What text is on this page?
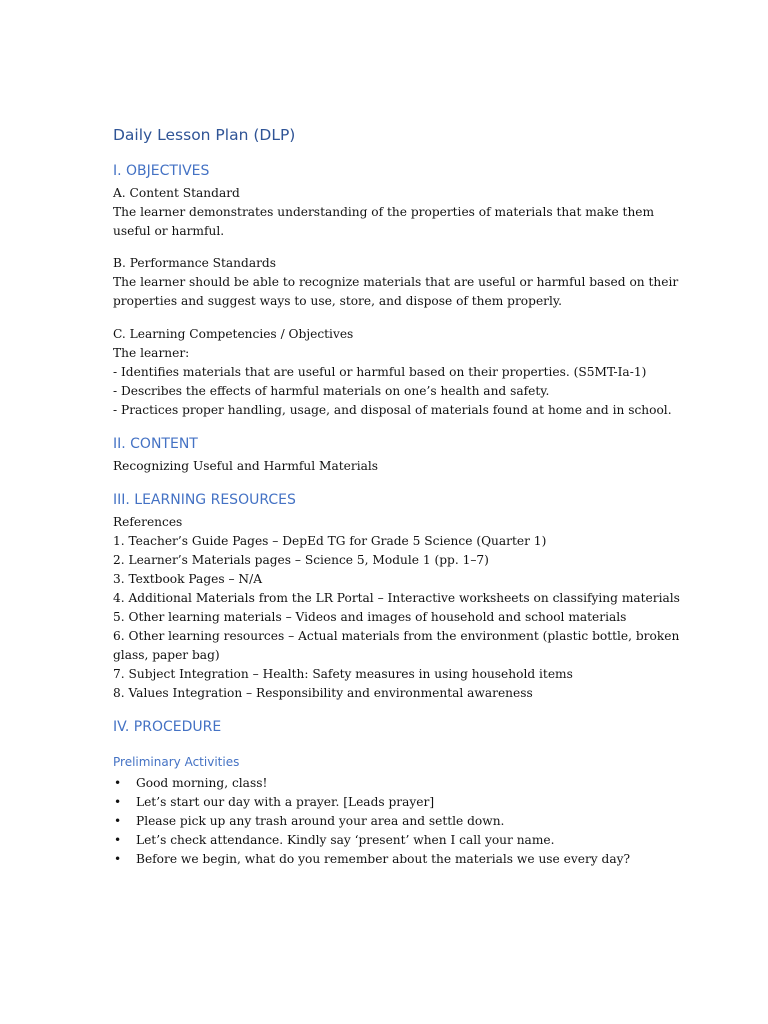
Daily Lesson Plan (DLP)
I. OBJECTIVES
A. Content Standard
The learner demonstrates understanding of the properties of materials that make them
useful or harmful.
B. Performance Standards
The learner should be able to recognize materials that are useful or harmful based on their
properties and suggest ways to use, store, and dispose of them properly.
C. Learning Competencies / Objectives
The learner:
- Identifies materials that are useful or harmful based on their properties. (S5MT-Ia-1)
- Describes the effects of harmful materials on one’s health and safety.
- Practices proper handling, usage, and disposal of materials found at home and in school.
II. CONTENT
Recognizing Useful and Harmful Materials
III. LEARNING RESOURCES
References
1. Teacher’s Guide Pages – DepEd TG for Grade 5 Science (Quarter 1)
2. Learner’s Materials pages – Science 5, Module 1 (pp. 1–7)
3. Textbook Pages – N/A
4. Additional Materials from the LR Portal – Interactive worksheets on classifying materials
5. Other learning materials – Videos and images of household and school materials
6. Other learning resources – Actual materials from the environment (plastic bottle, broken
glass, paper bag)
7. Subject Integration – Health: Safety measures in using household items
8. Values Integration – Responsibility and environmental awareness
IV. PROCEDURE
Preliminary Activities
• Good morning, class!
• Let’s start our day with a prayer. [Leads prayer]
• Please pick up any trash around your area and settle down.
• Let’s check attendance. Kindly say ‘present’ when I call your name.
• Before we begin, what do you remember about the materials we use every day?
